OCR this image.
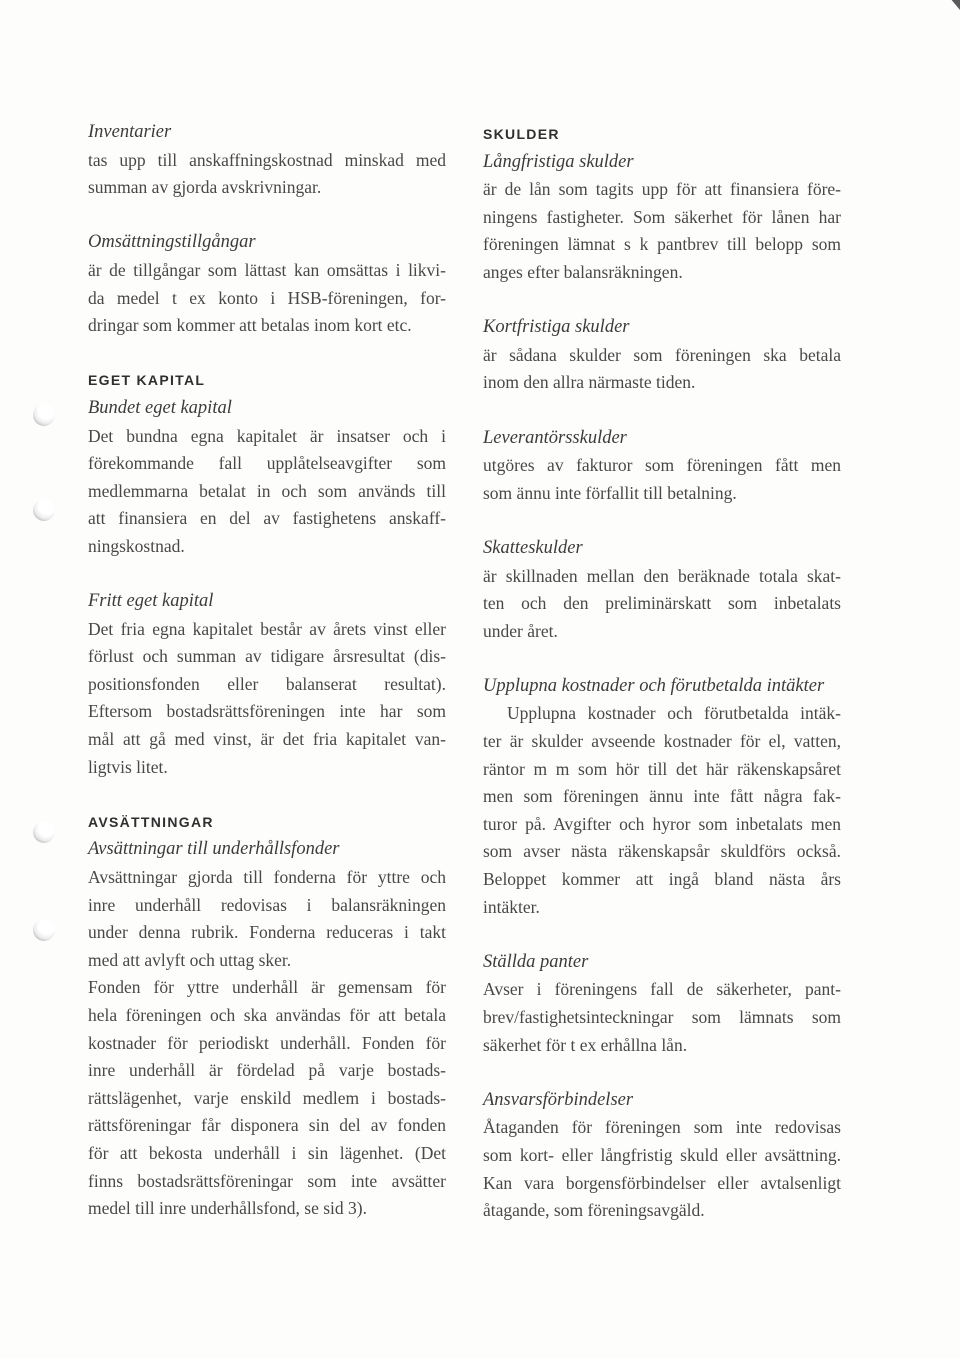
Inventarier
tas upp till anskaffningskostnad minskad med
summan av gjorda avskrivningar.
Omsättningstillgångar
är de tillgångar som lättast kan omsättas i likvi-
da medel t ex konto i HSB-föreningen, for-
dringar som kommer att betalas inom kort etc.
EGET KAPITAL
Bundet eget kapital
Det bundna egna kapitalet är insatser och i
förekommande fall upplåtelseavgifter som
medlemmarna betalat in och som används till
att finansiera en del av fastighetens anskaff-
ningskostnad.
Fritt eget kapital
Det fria egna kapitalet består av årets vinst eller
förlust och summan av tidigare årsresultat (dis-
positionsfonden eller balanserat resultat).
Eftersom bostadsrättsföreningen inte har som
mål att gå med vinst, är det fria kapitalet van-
ligtvis litet.
AVSÄTTNINGAR
Avsättningar till underhållsfonder
Avsättningar gjorda till fonderna för yttre och
inre underhåll redovisas i balansräkningen
under denna rubrik. Fonderna reduceras i takt
med att avlyft och uttag sker.
Fonden för yttre underhåll är gemensam för
hela föreningen och ska användas för att betala
kostnader för periodiskt underhåll. Fonden för
inre underhåll är fördelad på varje bostads-
rättslägenhet, varje enskild medlem i bostads-
rättsföreningar får disponera sin del av fonden
för att bekosta underhåll i sin lägenhet. (Det
finns bostadsrättsföreningar som inte avsätter
medel till inre underhållsfond, se sid 3).
SKULDER
Långfristiga skulder
är de lån som tagits upp för att finansiera före-
ningens fastigheter. Som säkerhet för lånen har
föreningen lämnat s k pantbrev till belopp som
anges efter balansräkningen.
Kortfristiga skulder
är sådana skulder som föreningen ska betala
inom den allra närmaste tiden.
Leverantörsskulder
utgöres av fakturor som föreningen fått men
som ännu inte förfallit till betalning.
Skatteskulder
är skillnaden mellan den beräknade totala skat-
ten och den preliminärskatt som inbetalats
under året.
Upplupna kostnader och förutbetalda intäkter
Upplupna kostnader och förutbetalda intäk-
ter är skulder avseende kostnader för el, vatten,
räntor m m som hör till det här räkenskapsåret
men som föreningen ännu inte fått några fak-
turor på. Avgifter och hyror som inbetalats men
som avser nästa räkenskapsår skuldförs också.
Beloppet kommer att ingå bland nästa års
intäkter.
Ställda panter
Avser i föreningens fall de säkerheter, pant-
brev/fastighetsinteckningar som lämnats som
säkerhet för t ex erhållna lån.
Ansvarsförbindelser
Åtaganden för föreningen som inte redovisas
som kort- eller långfristig skuld eller avsättning.
Kan vara borgensförbindelser eller avtalsenligt
åtagande, som föreningsavgäld.
